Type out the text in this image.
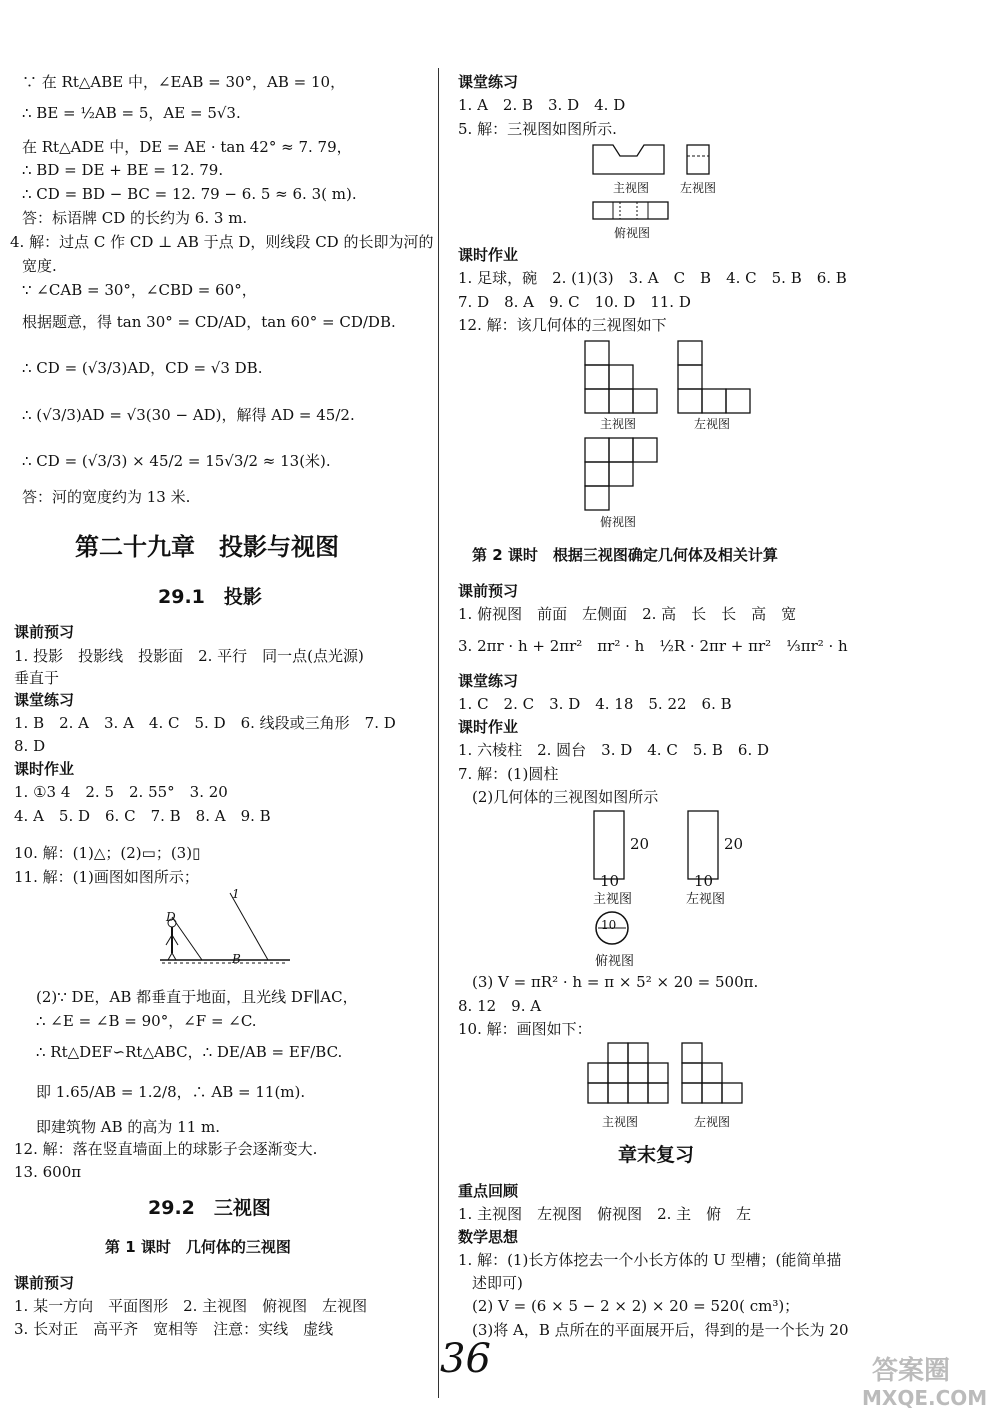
∵ 在 Rt△ABE 中，∠EAB = 30°，AB = 10，
∴ BE = ½AB = 5，AE = 5√3.
在 Rt△ADE 中，DE = AE · tan 42° ≈ 7. 79，
∴ BD = DE + BE = 12. 79.
∴ CD = BD − BC = 12. 79 − 6. 5 ≈ 6. 3( m).
答：标语牌 CD 的长约为 6. 3 m.
4. 解：过点 C 作 CD ⊥ AB 于点 D，则线段 CD 的长即为河的
宽度.
∵ ∠CAB = 30°，∠CBD = 60°，
根据题意，得 tan 30° = CD/AD，tan 60° = CD/DB.
∴ CD = (√3/3)AD，CD = √3 DB.
∴ (√3/3)AD = √3(30 − AD)，解得 AD = 45/2.
∴ CD = (√3/3) × 45/2 = 15√3/2 ≈ 13(米).
答：河的宽度约为 13 米.
第二十九章　投影与视图
29.1　投影
课前预习
1. 投影　投影线　投影面　2. 平行　同一点(点光源)
垂直于
课堂练习
1. B　2. A　3. A　4. C　5. D　6. 线段或三角形　7. D
8. D
课时作业
1. ①3 4　2. 5　2. 55°　3. 20
4. A　5. D　6. C　7. B　8. A　9. B
10. 解：(1)△；(2)▭；(3)▯
11. 解：(1)画图如图所示；
1
D
B
(2)∵ DE，AB 都垂直于地面，且光线 DF∥AC，
∴ ∠E = ∠B = 90°，∠F = ∠C.
∴ Rt△DEF∽Rt△ABC，∴ DE/AB = EF/BC.
即 1.65/AB = 1.2/8，∴ AB = 11(m).
即建筑物 AB 的高为 11 m.
12. 解：落在竖直墙面上的球影子会逐渐变大.
13. 600π
29.2　三视图
第 1 课时　几何体的三视图
课前预习
1. 某一方向　平面图形　2. 主视图　俯视图　左视图
3. 长对正　高平齐　宽相等　注意：实线　虚线
课堂练习
1. A　2. B　3. D　4. D
5. 解：三视图如图所示.
主视图	左视图
俯视图
课时作业
1. 足球，碗　2. (1)(3)　3. A　C　B　4. C　5. B　6. B
7. D　8. A　9. C　10. D　11. D
12. 解：该几何体的三视图如下
主视图	左视图
俯视图
第 2 课时　根据三视图确定几何体及相关计算
课前预习
1. 俯视图　前面　左侧面　2. 高　长　长　高　宽
3. 2πr · h + 2πr²　πr² · h　½R · 2πr + πr²　⅓πr² · h
课堂练习
1. C　2. C　3. D　4. 18　5. 22　6. B
课时作业
1. 六棱柱　2. 圆台　3. D　4. C　5. B　6. D
7. 解：(1)圆柱
(2)几何体的三视图如图所示
20	20
10	10
主视图	左视图
10
俯视图
(3) V = πR² · h = π × 5² × 20 = 500π.
8. 12　9. A
10. 解：画图如下：
主视图	左视图
章末复习
重点回顾
1. 主视图　左视图　俯视图　2. 主　俯　左
数学思想
1. 解：(1)长方体挖去一个小长方体的 U 型槽；(能简单描
述即可)
(2) V = (6 × 5 − 2 × 2) × 20 = 520( cm³)；
(3)将 A，B 点所在的平面展开后，得到的是一个长为 20
36	答案圈
MXQE.COM
